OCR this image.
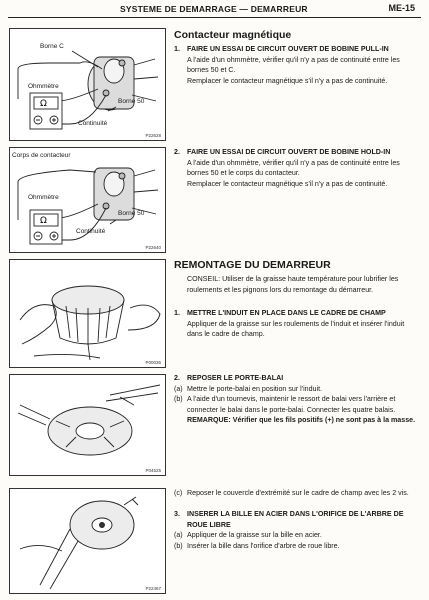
SYSTEME DE DEMARRAGE — DEMARREUR	ME-15
Ω
Borne C
Ohmmètre
Borne 50
Continuité
P22628
Ω
Corps de contacteur
Ohmmètre
Borne 50
Continuité
P22640
P00036
P04525
P22467
Contacteur magnétique
1. FAIRE UN ESSAI DE CIRCUIT OUVERT DE BOBINE PULL-IN
A l'aide d'un ohmmètre, vérifier qu'il n'y a pas de continuité entre les bornes 50 et C.
Remplacer le contacteur magnétique s'il n'y a pas de continuité.
2. FAIRE UN ESSAI DE CIRCUIT OUVERT DE BOBINE HOLD-IN
A l'aide d'un ohmmètre, vérifier qu'il n'y a pas de continuité entre les bornes 50 et le corps du contacteur.
Remplacer le contacteur magnétique s'il n'y a pas de continuité.
REMONTAGE DU DEMARREUR
CONSEIL: Utiliser de la graisse haute température pour lubrifier les roulements et les pignons lors du remontage du démarreur.
1. METTRE L'INDUIT EN PLACE DANS LE CADRE DE CHAMP
Appliquer de la graisse sur les roulements de l'induit et insérer l'induit dans le cadre de champ.
2. REPOSER LE PORTE-BALAI
(a) Mettre le porte-balai en position sur l'induit.
(b) A l'aide d'un tournevis, maintenir le ressort de balai vers l'arrière et connecter le balai dans le porte-balai. Connecter les quatre balais.
REMARQUE: Vérifier que les fils positifs (+) ne sont pas à la masse.
(c) Reposer le couvercle d'extrémité sur le cadre de champ avec les 2 vis.
3. INSERER LA BILLE EN ACIER DANS L'ORIFICE DE L'ARBRE DE ROUE LIBRE
(a) Appliquer de la graisse sur la bille en acier.
(b) Insérer la bille dans l'orifice d'arbre de roue libre.
